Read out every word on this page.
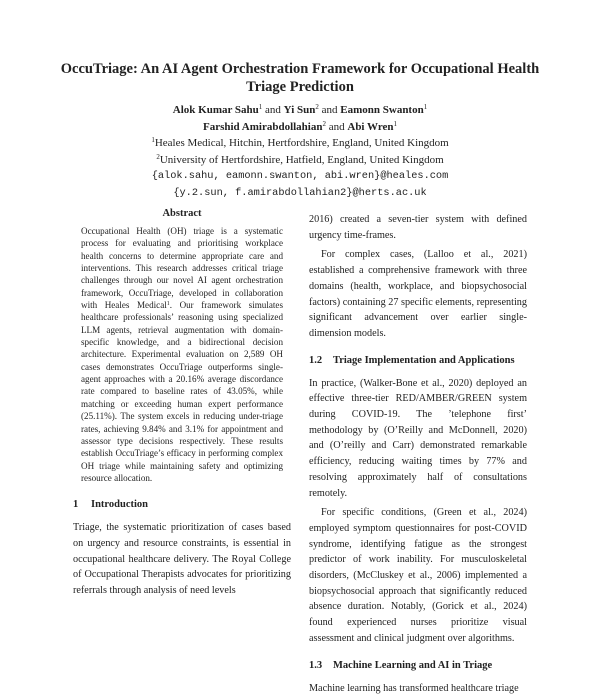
OccuTriage: An AI Agent Orchestration Framework for Occupational Health Triage Prediction
Alok Kumar Sahu$^1$ and Yi Sun$^2$ and Eamonn Swanton$^1$
Farshid Amirabdollahian$^2$ and Abi Wren$^1$
$^1$Heales Medical, Hitchin, Hertfordshire, England, United Kingdom
$^2$University of Hertfordshire, Hatfield, England, United Kingdom
{alok.sahu, eamonn.swanton, abi.wren}@heales.com
{y.2.sun, f.amirabdollahian2}@herts.ac.uk
Abstract

Occupational Health (OH) triage is a systematic process for evaluating and prioritising workplace health concerns to determine appropriate care and interventions. This research addresses critical triage challenges through our novel AI agent orchestration framework, OccuTriage, developed in collaboration with Heales Medical$^1$. Our framework simulates healthcare professionals’ reasoning using specialized LLM agents, retrieval augmentation with domain-specific knowledge, and a bidirectional decision architecture. Experimental evaluation on 2,589 OH cases demonstrates OccuTriage outperforms single-agent approaches with a 20.16% average discordance rate compared to baseline rates of 43.05%, while matching or exceeding human expert performance (25.11%). The system excels in reducing under-triage rates, achieving 9.84% and 3.1% for appointment and assessor type decisions respectively. These results establish OccuTriage’s efficacy in performing complex OH triage while maintaining safety and optimizing resource allocation.

1 Introduction

Triage, the systematic prioritization of cases based on urgency and resource constraints, is essential in occupational healthcare delivery. The Royal College of Occupational Therapists advocates for prioritizing referrals through analysis of need levels

2016) created a seven-tier system with defined urgency time-frames.

For complex cases, (Lalloo et al., 2021) established a comprehensive framework with three domains (health, workplace, and biopsychosocial factors) containing 27 specific elements, representing significant advancement over earlier single-dimension models.

1.2 Triage Implementation and Applications

In practice, (Walker-Bone et al., 2020) deployed an effective three-tier RED/AMBER/GREEN system during COVID-19. The ’telephone first’ methodology by (O’Reilly and McDonnell, 2020) and (O’reilly and Carr) demonstrated remarkable efficiency, reducing waiting times by 77% and resolving approximately half of consultations remotely.

For specific conditions, (Green et al., 2024) employed symptom questionnaires for post-COVID syndrome, identifying fatigue as the strongest predictor of work inability. For musculoskeletal disorders, (McCluskey et al., 2006) implemented a biopsychosocial approach that significantly reduced absence duration. Notably, (Gorick et al., 2024) found experienced nurses prioritize visual assessment and clinical judgment over algorithms.

1.3 Machine Learning and AI in Triage

Machine learning has transformed healthcare triage
